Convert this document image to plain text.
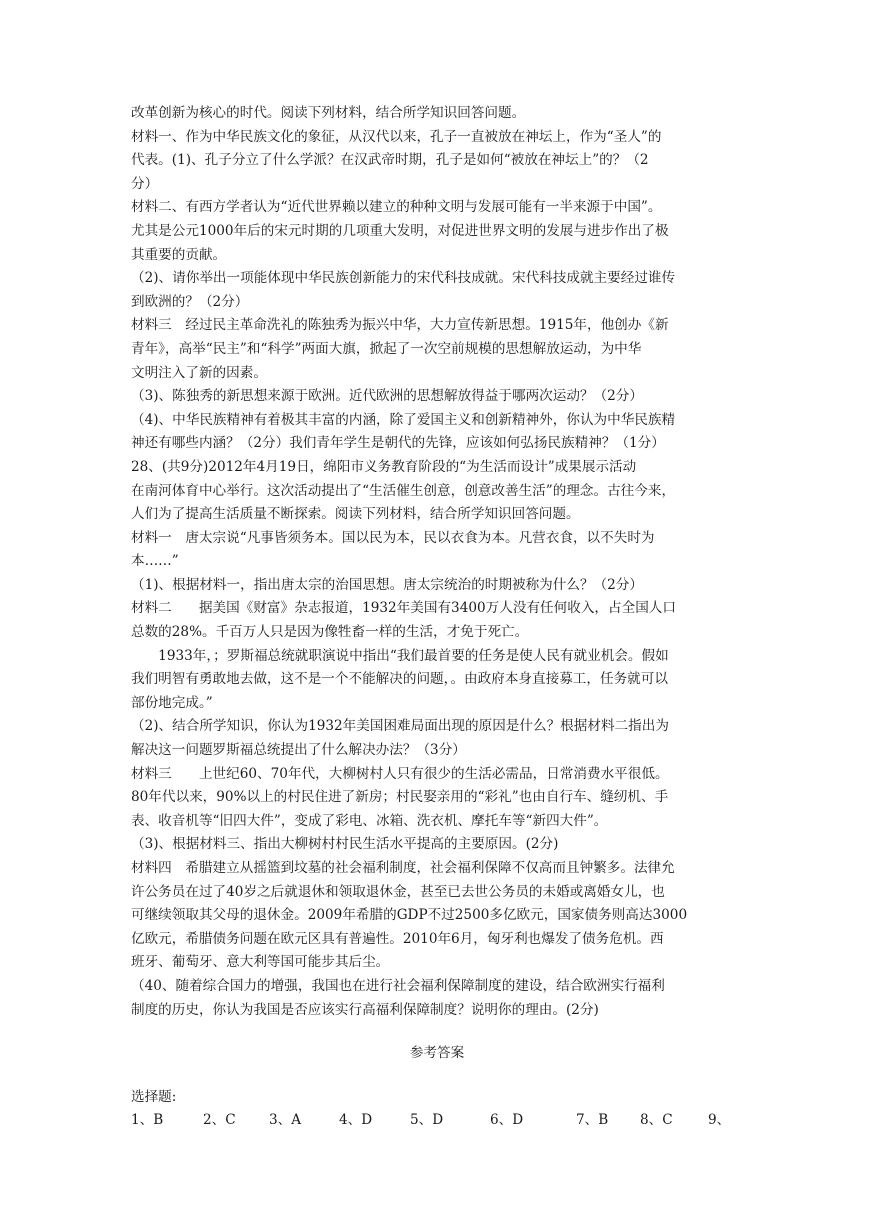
改革创新为核心的时代。阅读下列材料，结合所学知识回答问题。
材料一、作为中华民族文化的象征，从汉代以来，孔子一直被放在神坛上，作为“圣人”的
代表。(1)、孔子分立了什么学派？在汉武帝时期，孔子是如何“被放在神坛上”的？（2
分）
材料二、有西方学者认为“近代世界赖以建立的种种文明与发展可能有一半来源于中国”。
尤其是公元1000年后的宋元时期的几项重大发明，对促进世界文明的发展与进步作出了极
其重要的贡献。
（2)、请你举出一项能体现中华民族创新能力的宋代科技成就。宋代科技成就主要经过谁传
到欧洲的？（2分）
材料三　经过民主革命洗礼的陈独秀为振兴中华，大力宣传新思想。1915年，他创办《新
青年》，高举“民主”和“科学”两面大旗，掀起了一次空前规模的思想解放运动，为中华
文明注入了新的因素。
（3)、陈独秀的新思想来源于欧洲。近代欧洲的思想解放得益于哪两次运动？（2分）
（4)、中华民族精神有着极其丰富的内涵，除了爱国主义和创新精神外，你认为中华民族精
神还有哪些内涵？（2分）我们青年学生是朝代的先锋，应该如何弘扬民族精神？（1分）
28、(共9分)2012年4月19日，绵阳市义务教育阶段的“为生活而设计”成果展示活动
在南河体育中心举行。这次活动提出了“生活催生创意，创意改善生活”的理念。古往今来，
人们为了提高生活质量不断探索。阅读下列材料，结合所学知识回答问题。
材料一　唐太宗说“凡事皆须务本。国以民为本，民以衣食为本。凡营衣食，以不失时为
本……”
（1)、根据材料一，指出唐太宗的治国思想。唐太宗统治的时期被称为什么？（2分）
材料二　　据美国《财富》杂志报道，1932年美国有3400万人没有任何收入，占全国人口
总数的28%。千百万人只是因为像牲畜一样的生活，才免于死亡。
　　1933年，；罗斯福总统就职演说中指出“我们最首要的任务是使人民有就业机会。假如
我们明智有勇敢地去做，这不是一个不能解决的问题，。由政府本身直接募工，任务就可以
部份地完成。”
（2)、结合所学知识，你认为1932年美国困难局面出现的原因是什么？根据材料二指出为
解决这一问题罗斯福总统提出了什么解决办法？（3分）
材料三　　上世纪60、70年代，大柳树村人只有很少的生活必需品，日常消费水平很低。
80年代以来，90%以上的村民住进了新房；村民娶亲用的“彩礼”也由自行车、缝纫机、手
表、收音机等“旧四大件”，变成了彩电、冰箱、洗衣机、摩托车等“新四大件”。
（3)、根据材料三、指出大柳树村村民生活水平提高的主要原因。(2分)
材料四　希腊建立从摇篮到坟墓的社会福利制度，社会福利保障不仅高而且钟繁多。法律允
许公务员在过了40岁之后就退休和领取退休金，甚至已去世公务员的未婚或离婚女儿，也
可继续领取其父母的退休金。2009年希腊的GDP不过2500多亿欧元，国家债务则高达3000
亿欧元，希腊债务问题在欧元区具有普遍性。2010年6月，匈牙利也爆发了债务危机。西
班牙、葡萄牙、意大利等国可能步其后尘。
（40、随着综合国力的增强，我国也在进行社会福利保障制度的建设，结合欧洲实行福利
制度的历史，你认为我国是否应该实行高福利保障制度？说明你的理由。(2分)
参考答案
选择题:
1、B	2、C	3、A	4、D	5、D	6、D	7、B	8、C	9、
